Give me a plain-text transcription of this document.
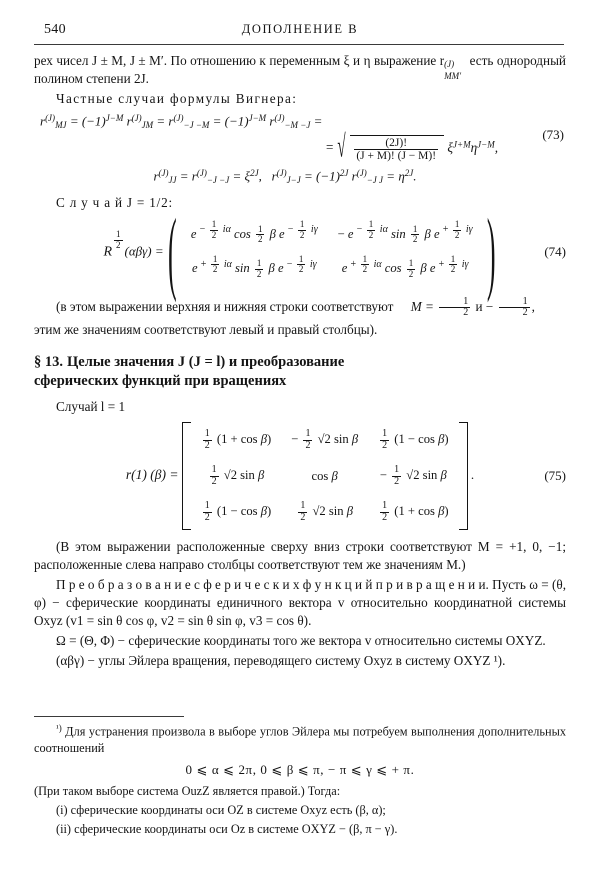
540	ДОПОЛНЕНИЕ В

рех чисел J ± M, J ± M′. По отношению к переменным ξ и η выражение r (J)
MM′
есть однородный полином степени 2J.

Частные случаи формулы Вигнера:

$r^{(J)}_{MJ} = (-1)^{J-M}$ $r^{(J)}_{JM} = r^{(J)}_{-J -M} = (-1)^{J-M}$ $r^{(J)}_{-M -J}$ =
= √ $\frac{(2J)!}{(J + M)! (J - M)!} \xi^{J+M}\eta^{J-M}$,
(73)
$r^{(J)}_{JJ} = r^{(J)}_{-J -J} = \xi^{2J}$,   $r^{(J)}_{J-J} = (-1)^{2J}$ $r^{(J)}_{-J J} = \eta^{2J}$.

С л у ч а й J = 1/2:

R
$\frac{1}{2}$
(αβγ) = ( $e - \frac{1}{2}$ iα $\cos \frac{1}{2}$ β $e - \frac{1}{2}$ iγ	− $e - \frac{1}{2}$ iα $\sin \frac{1}{2}$ β $e + \frac{1}{2}$ iγ
$e + \frac{1}{2}$ iα $\sin \frac{1}{2}$ β $e - \frac{1}{2}$ iγ	$e + \frac{1}{2}$ iα $\cos \frac{1}{2}$ β $e + \frac{1}{2}$ iγ )	(74)

(в этом выражении верхняя и нижняя строки соответствуют $M = \frac{1}{2}$ $и - \frac{1}{2}$ ,

этим же значениям соответствуют левый и правый столбцы).

§ 13. Целые значения J (J = l) и преобразование
сферических функций при вращениях

Случай l = 1

r(1) (β) =
$\frac{1}{2} (1 + \cos \beta)$	− $\frac{1}{2} √2$ sin β	$\frac{1}{2} (1 - \cos \beta)$

$\frac{1}{2} √2$ sin β	cos β	− $\frac{1}{2} √2$ sin β

$\frac{1}{2} (1 - \cos \beta)$	$\frac{1}{2} √2$ sin β	$\frac{1}{2} (1 + \cos \beta)$
.	(75)

(В этом выражении расположенные сверху вниз строки соответствуют M = +1, 0, −1; расположенные слева направо столбцы соответствуют тем же значениям M.)

П р е о б р а з о в а н и е с ф е р и ч е с к и х ф у н к ц и й п р и в р а щ е н и и. Пусть ω = (θ, φ) − сферические координаты единичного вектора v относительно координатной системы Oxyz (v1 = sin θ cos φ, v2 = sin θ sin φ, v3 = cos θ).

Ω = (Θ, Φ) − сферические координаты того же вектора v относительно системы OXYZ.

(αβγ) − углы Эйлера вращения, переводящего систему Oxyz в систему OXYZ ¹).

$^{^1)}$ Для устранения произвола в выборе углов Эйлера мы потребуем выполнения дополнительных соотношений

0 ⩽ α ⩽ 2π, 0 ⩽ β ⩽ π, − π ⩽ γ ⩽ + π.

(При таком выборе система OuzZ является правой.) Тогда:

(i) сферические координаты оси OZ в системе Oxyz есть (β, α);

(ii) сферические координаты оси Oz в системе OXYZ − (β, π − γ).
